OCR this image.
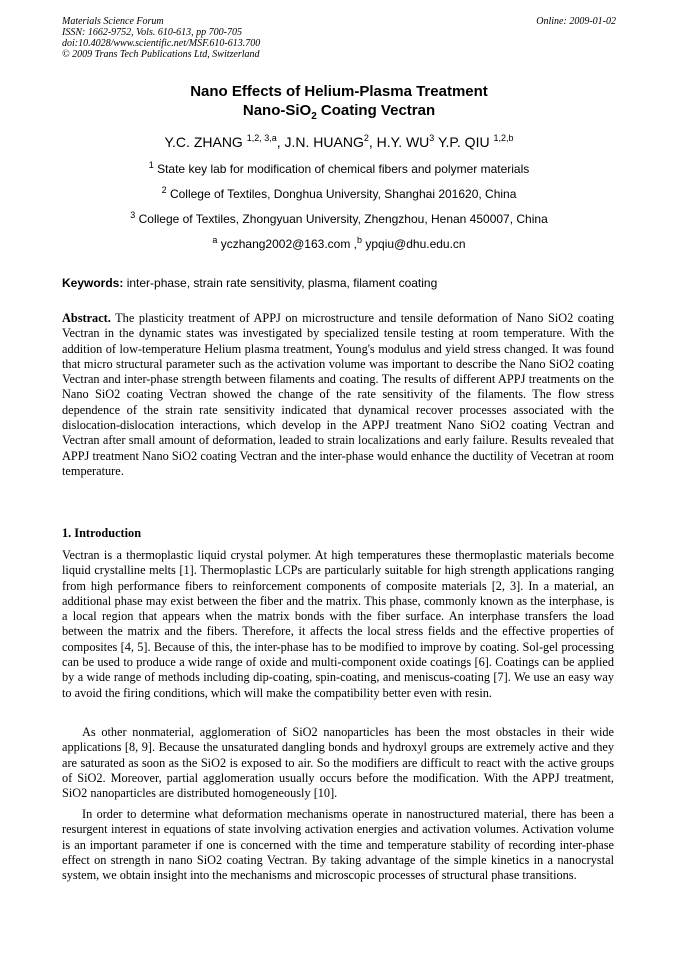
Materials Science Forum
ISSN: 1662-9752, Vols. 610-613, pp 700-705
doi:10.4028/www.scientific.net/MSF.610-613.700
© 2009 Trans Tech Publications Ltd, Switzerland
Online: 2009-01-02
Nano Effects of Helium-Plasma Treatment
Nano-SiO$_2$ Coating Vectran
Y.C. ZHANG $^{1,2, 3,a}$, J.N. HUANG$^2$, H.Y. $WU^3$ Y.P. QIU $^{1,2,b}$
$^1$ State key lab for modification of chemical fibers and polymer materials
$^2$ College of Textiles, Donghua University, Shanghai 201620, China
$^3$ College of Textiles, Zhongyuan University, Zhengzhou, Henan 450007, China
$^a$ yczhang2002@163.com ,$^b$ ypqiu@dhu.edu.cn
Keywords: inter-phase, strain rate sensitivity, plasma, filament coating
Abstract. The plasticity treatment of APPJ on microstructure and tensile deformation of Nano SiO2 coating Vectran in the dynamic states was investigated by specialized tensile testing at room temperature. With the addition of low-temperature Helium plasma treatment, Young's modulus and yield stress changed. It was found that micro structural parameter such as the activation volume was important to describe the Nano SiO2 coating Vectran and inter-phase strength between filaments and coating. The results of different APPJ treatments on the Nano SiO2 coating Vectran showed the change of the rate sensitivity of the filaments. The flow stress dependence of the strain rate sensitivity indicated that dynamical recover processes associated with the dislocation-dislocation interactions, which develop in the APPJ treatment Nano SiO2 coating Vectran and Vectran after small amount of deformation, leaded to strain localizations and early failure. Results revealed that APPJ treatment Nano SiO2 coating Vectran and the inter-phase would enhance the ductility of Vecetran at room temperature.
1. Introduction
Vectran is a thermoplastic liquid crystal polymer. At high temperatures these thermoplastic materials become liquid crystalline melts [1]. Thermoplastic LCPs are particularly suitable for high strength applications ranging from high performance fibers to reinforcement components of composite materials [2, 3]. In a material, an additional phase may exist between the fiber and the matrix. This phase, commonly known as the interphase, is a local region that appears when the matrix bonds with the fiber surface. An interphase transfers the load between the matrix and the fibers. Therefore, it affects the local stress fields and the effective properties of composites [4, 5]. Because of this, the inter-phase has to be modified to improve by coating. Sol-gel processing can be used to produce a wide range of oxide and multi-component oxide coatings [6]. Coatings can be applied by a wide range of methods including dip-coating, spin-coating, and meniscus-coating [7]. We use an easy way to avoid the firing conditions, which will make the compatibility better even with resin.
As other nonmaterial, agglomeration of SiO2 nanoparticles has been the most obstacles in their wide applications [8, 9]. Because the unsaturated dangling bonds and hydroxyl groups are extremely active and they are saturated as soon as the SiO2 is exposed to air. So the modifiers are difficult to react with the active groups of SiO2. Moreover, partial agglomeration usually occurs before the modification. With the APPJ treatment, SiO2 nanoparticles are distributed homogeneously [10].
In order to determine what deformation mechanisms operate in nanostructured material, there has been a resurgent interest in equations of state involving activation energies and activation volumes. Activation volume is an important parameter if one is concerned with the time and temperature stability of recording inter-phase effect on strength in nano SiO2 coating Vectran. By taking advantage of the simple kinetics in a nanocrystal system, we obtain insight into the mechanisms and microscopic processes of structural phase transitions.
